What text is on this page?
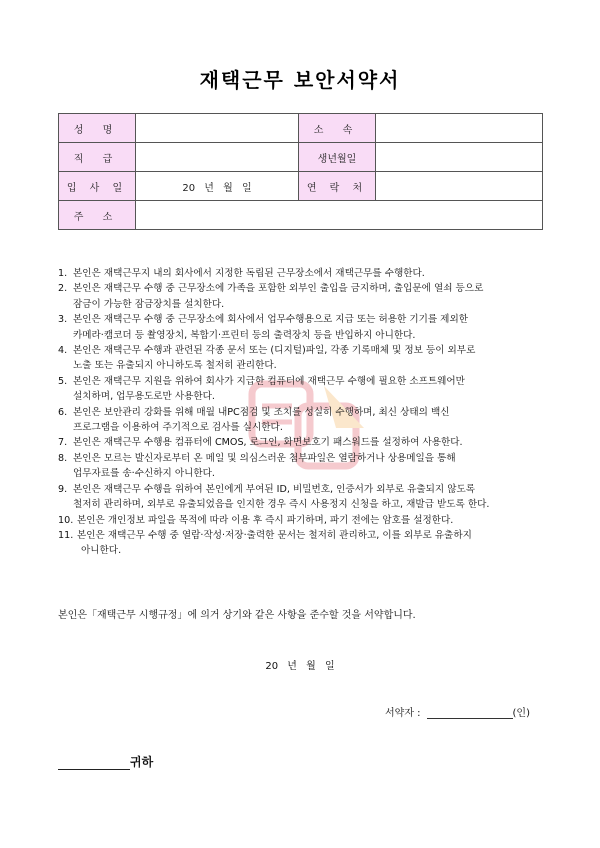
재택근무 보안서약서
성 명		소 속	
직 급		생년월일	
입 사 일	20 년 월 일	연 락 처	
주 소			
1. 본인은 재택근무지 내의 회사에서 지정한 독립된 근무장소에서 재택근무를 수행한다.
2. 본인은 재택근무 수행 중 근무장소에 가족을 포함한 외부인 출입을 금지하며, 출입문에 열쇠 등으로
잠금이 가능한 잠금장치를 설치한다.
3. 본인은 재택근무 수행 중 근무장소에 회사에서 업무수행용으로 지급 또는 허용한 기기를 제외한
카메라·캠코더 등 촬영장치, 복합기·프린터 등의 출력장치 등을 반입하지 아니한다.
4. 본인은 재택근무 수행과 관련된 각종 문서 또는 (디지털)파일, 각종 기록매체 및 정보 등이 외부로
노출 또는 유출되지 아니하도록 철저히 관리한다.
5. 본인은 재택근무 지원을 위하여 회사가 지급한 컴퓨터에 재택근무 수행에 필요한 소프트웨어만
설치하며, 업무용도로만 사용한다.
6. 본인은 보안관리 강화를 위해 매월 내PC점검 및 조치를 성실히 수행하며, 최신 상태의 백신
프로그램을 이용하여 주기적으로 검사를 실시한다.
7. 본인은 재택근무 수행용 컴퓨터에 CMOS, 로그인, 화면보호기 패스워드를 설정하여 사용한다.
8. 본인은 모르는 발신자로부터 온 메일 및 의심스러운 첨부파일은 열람하거나 상용메일을 통해
업무자료를 송·수신하지 아니한다.
9. 본인은 재택근무 수행을 위하여 본인에게 부여된 ID, 비밀번호, 인증서가 외부로 유출되지 않도록
철저히 관리하며, 외부로 유출되었음을 인지한 경우 즉시 사용정지 신청을 하고, 재발급 받도록 한다.
10. 본인은 개인정보 파일을 목적에 따라 이용 후 즉시 파기하며, 파기 전에는 암호를 설정한다.
11. 본인은 재택근무 수행 중 열람·작성·저장·출력한 문서는 철저히 관리하고, 이를 외부로 유출하지
아니한다.
본인은「재택근무 시행규정」에 의거 상기와 같은 사항을 준수할 것을 서약합니다.
20 년 월 일
서약자 :	(인)
귀하
